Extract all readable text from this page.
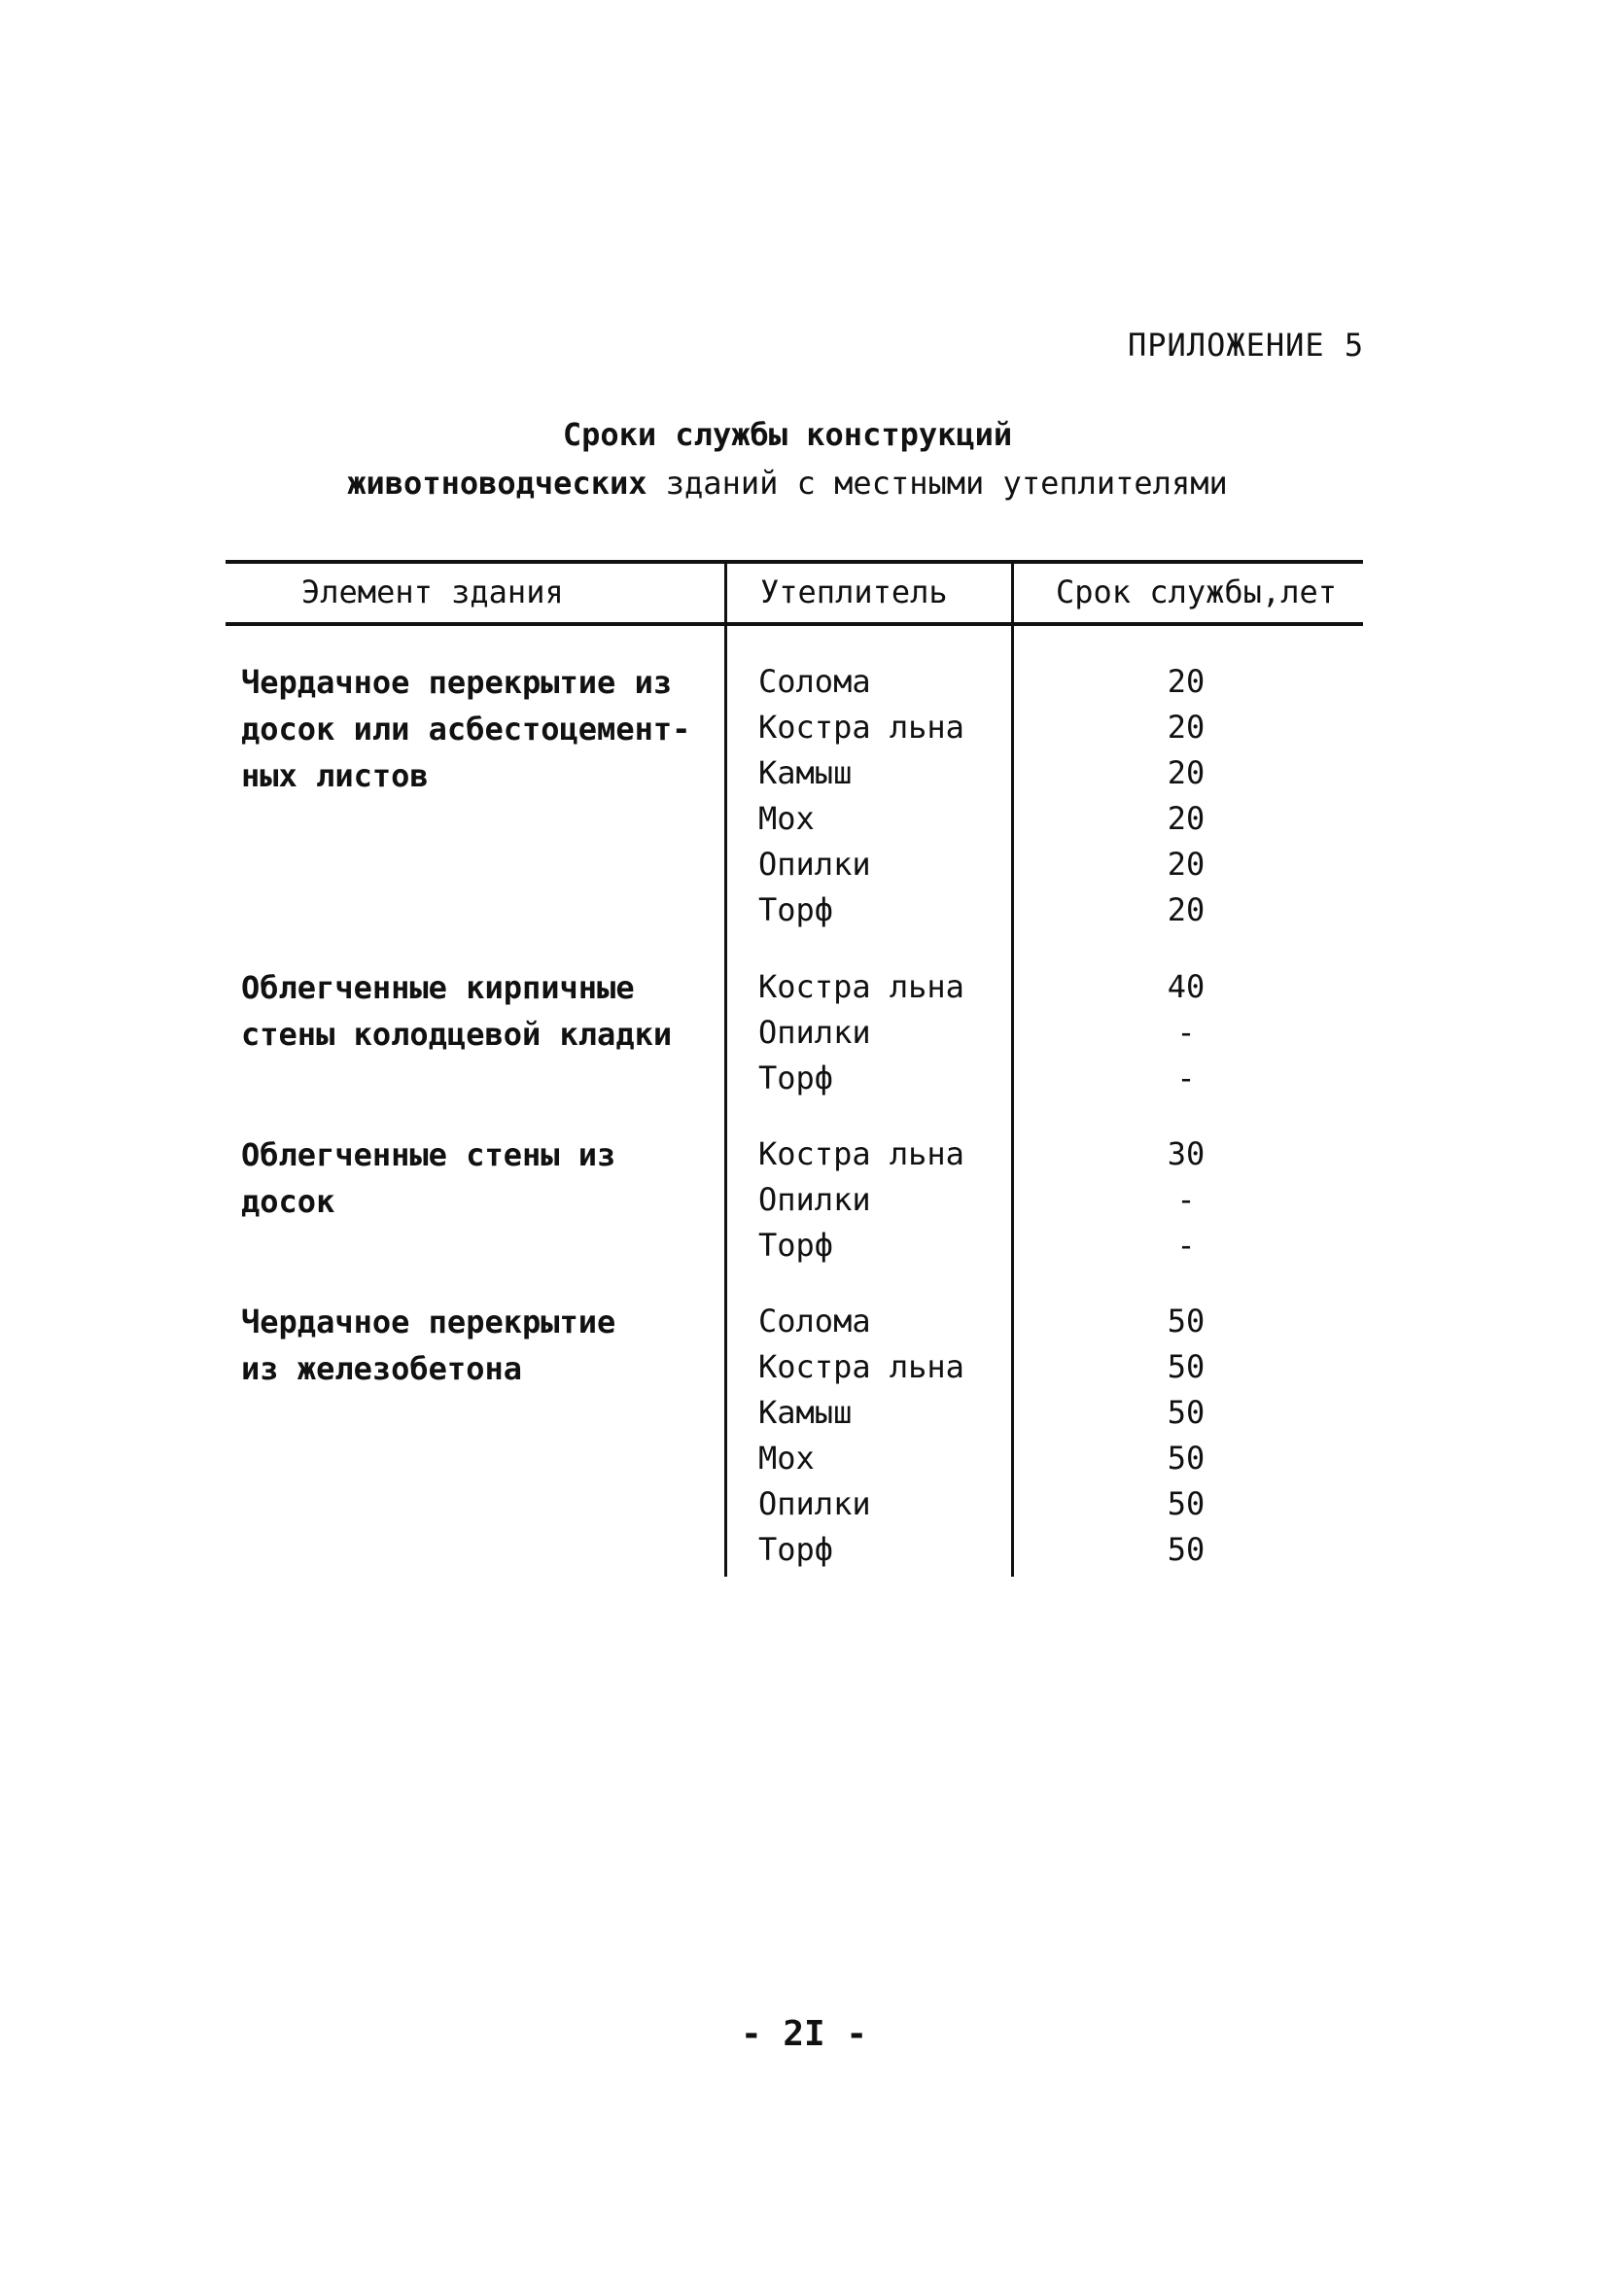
ПРИЛОЖЕНИЕ 5
Сроки службы конструкций
животноводческих зданий с местными утеплителями
Элемент здания	Утеплитель	Срок службы,лет
Чердачное перекрытие из
досок или асбестоцемент-
ных листов
Солома	20
Костра льна	20
Камыш	20
Мох	20
Опилки	20
Торф	20
Облегченные кирпичные
стены колодцевой кладки
Костра льна	40
Опилки	-
Торф	-
Облегченные стены из
досок
Костра льна	30
Опилки	-
Торф	-
Чердачное перекрытие
из железобетона
Солома	50
Костра льна	50
Камыш	50
Мох	50
Опилки	50
Торф	50
- 2I -
